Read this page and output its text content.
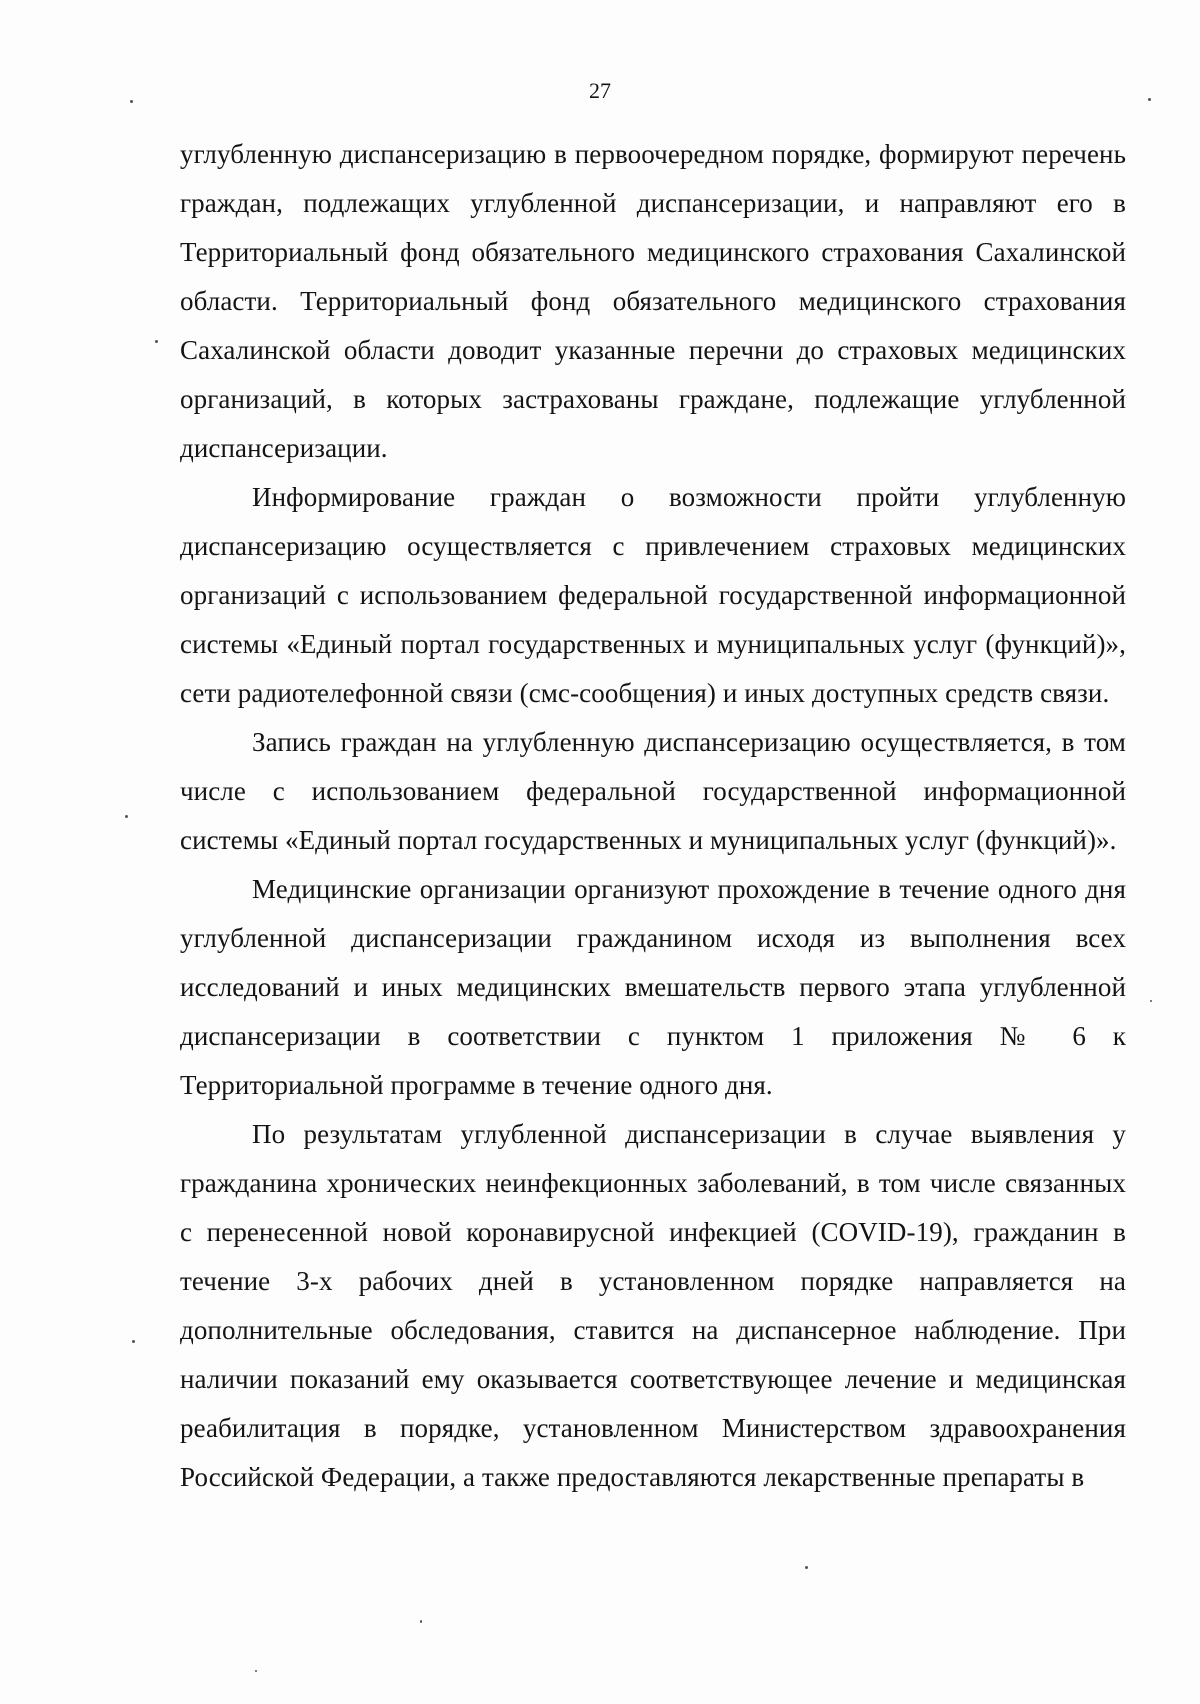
27

углубленную диспансеризацию в первоочередном порядке, формируют перечень граждан, подлежащих углубленной диспансеризации, и направляют его в Территориальный фонд обязательного медицинского страхования Сахалинской области. Территориальный фонд обязательного медицинского страхования Сахалинской области доводит указанные перечни до страховых медицинских организаций, в которых застрахованы граждане, подлежащие углубленной диспансеризации.

Информирование граждан о возможности пройти углубленную диспансеризацию осуществляется с привлечением страховых медицинских организаций с использованием федеральной государственной информационной системы «Единый портал государственных и муниципальных услуг (функций)», сети радиотелефонной связи (смс-сообщения) и иных доступных средств связи.

Запись граждан на углубленную диспансеризацию осуществляется, в том числе с использованием федеральной государственной информационной системы «Единый портал государственных и муниципальных услуг (функций)».

Медицинские организации организуют прохождение в течение одного дня углубленной диспансеризации гражданином исходя из выполнения всех исследований и иных медицинских вмешательств первого этапа углубленной диспансеризации в соответствии с пунктом 1 приложения № 6 к Территориальной программе в течение одного дня.

По результатам углубленной диспансеризации в случае выявления у гражданина хронических неинфекционных заболеваний, в том числе связанных с перенесенной новой коронавирусной инфекцией (COVID-19), гражданин в течение 3-х рабочих дней в установленном порядке направляется на дополнительные обследования, ставится на диспансерное наблюдение. При наличии показаний ему оказывается соответствующее лечение и медицинская реабилитация в порядке, установленном Министерством здравоохранения Российской Федерации, а также предоставляются лекарственные препараты в
